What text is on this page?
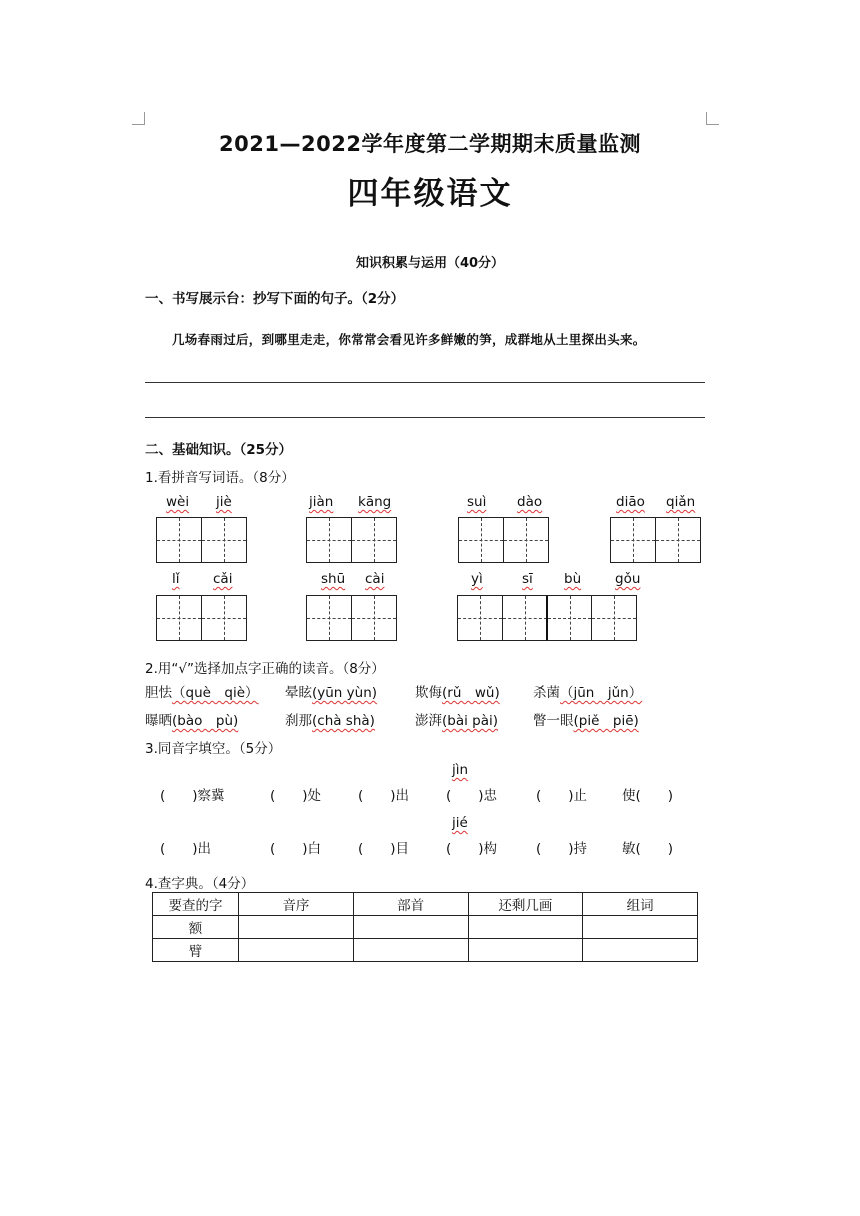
2021—2022学年度第二学期期末质量监测
四年级语文
知识积累与运用（40分）
一、书写展示台：抄写下面的句子。（2分）
几场春雨过后，到哪里走走，你常常会看见许多鲜嫩的笋，成群地从土里探出头来。
二、基础知识。（25分）
1.看拼音写词语。（8分）
wèi jiè	jiàn kāng	suì dào	diāo qiǎn
lǐ cǎi	shū cài	yì	sī bù	gǒu
2.用“√”选择加点字正确的读音。（8分）
胆怯（què　qiè） 晕眩(yūn yùn)	欺侮(rǔ　wǔ) 杀菌（jūn　jǔn）
曝晒(bào　pù)	刹那(chà shà)	澎湃(bài pài)	瞥一眼(piě　piē)
3.同音字填空。（5分）
jìn
(　　)察冀	(　　)处	(　　)出	(　　)忠	(　　)止	使(　　)
jié
(　　)出	(　　)白	(　　)目	(　　)构	(　　)持	敏(　　)
4.查字典。（4分）
要查的字	音序	部首	还剩几画	组词
额				
臂				
